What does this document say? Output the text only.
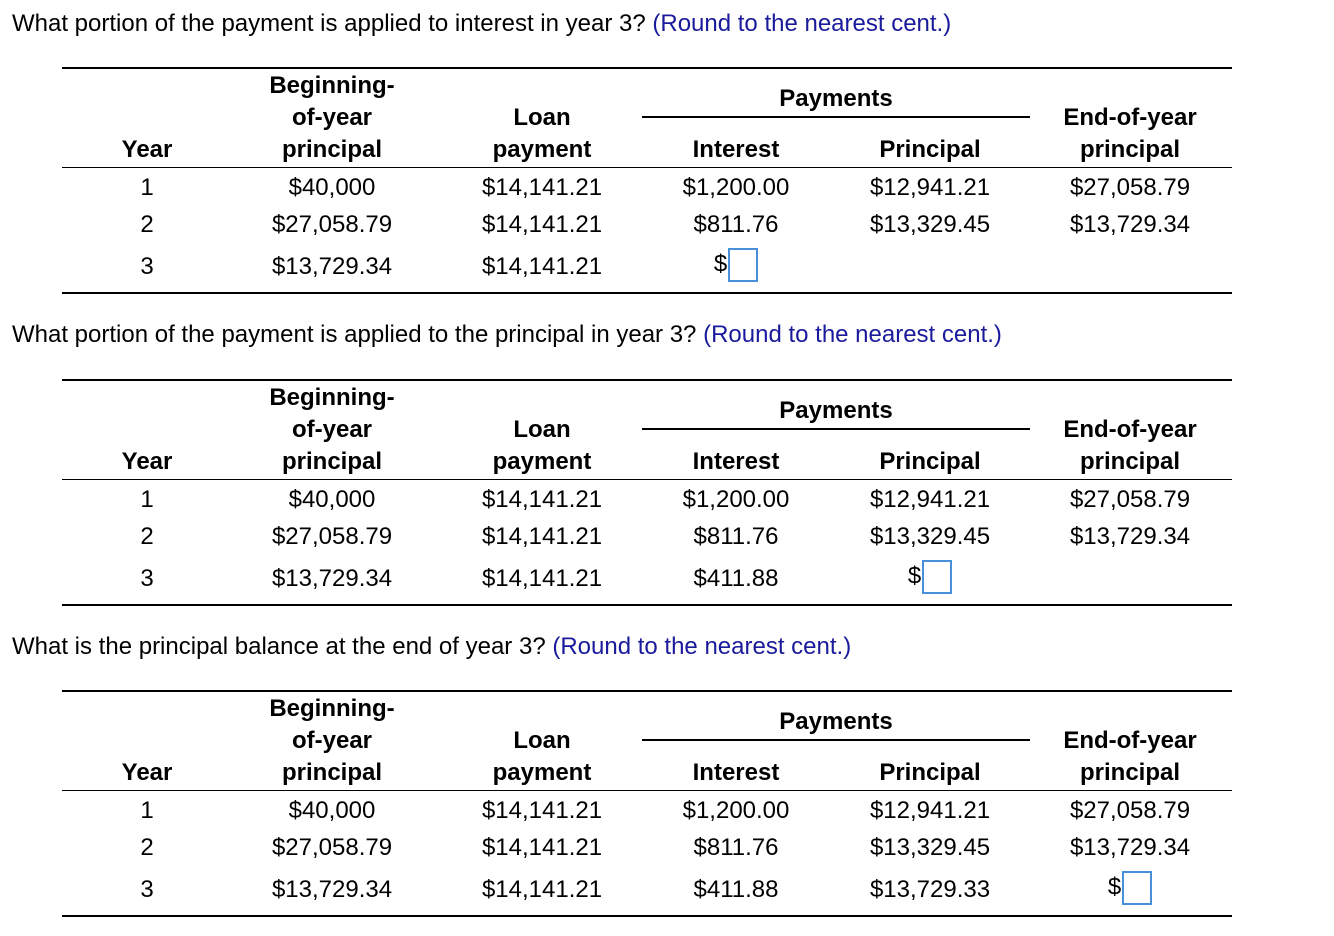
What portion of the payment is applied to interest in year 3? (Round to the nearest cent.)
Year
Beginning-
of-year
principal
Loan
payment
Payments
Interest	Principal
End-of-year
principal
1	$40,000	$14,141.21	$1,200.00	$12,941.21	$27,058.79
2	$27,058.79	$14,141.21	$811.76	$13,329.45	$13,729.34
3	$13,729.34	$14,141.21	$
What portion of the payment is applied to the principal in year 3? (Round to the nearest cent.)
Year
Beginning-
of-year
principal
Loan
payment
Payments
Interest	Principal
End-of-year
principal
1	$40,000	$14,141.21	$1,200.00	$12,941.21	$27,058.79
2	$27,058.79	$14,141.21	$811.76	$13,329.45	$13,729.34
3	$13,729.34	$14,141.21	$411.88	$
What is the principal balance at the end of year 3? (Round to the nearest cent.)
Year
Beginning-
of-year
principal
Loan
payment
Payments
Interest	Principal
End-of-year
principal
1	$40,000	$14,141.21	$1,200.00	$12,941.21	$27,058.79
2	$27,058.79	$14,141.21	$811.76	$13,329.45	$13,729.34
3	$13,729.34	$14,141.21	$411.88	$13,729.33	$
